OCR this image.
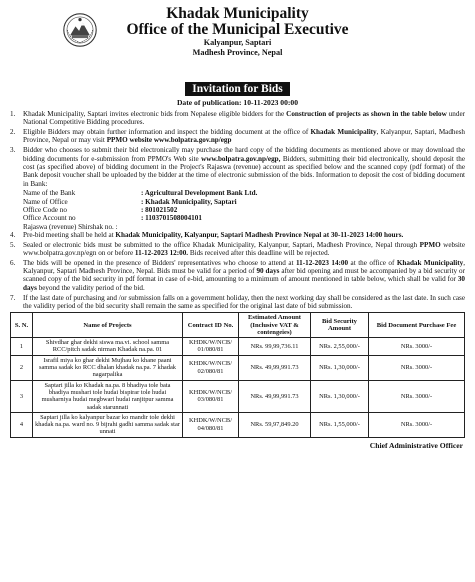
Khadak Municipality
Office of the Municipal Executive
Kalyanpur, Saptari
Madhesh Province, Nepal
Invitation for Bids
Date of publication: 10-11-2023 00:00
1.	Khadak Municipality, Saptari invites electronic bids from Nepalese eligible bidders for the Construction of projects as shown in the table below under National Competitive Bidding procedures.
2.	Eligible Bidders may obtain further information and inspect the bidding document at the office of Khadak Municipality, Kalyanpur, Saptari, Madhesh Province, Nepal or may visit PPMO website www.bolpatra.gov.np/egp
3.	Bidder who chooses to submit their bid electronically may purchase the hard copy of the bidding documents as mentioned above or may download the bidding documents for e-submission from PPMO's Web site www.bolpatra.gov.np/egp, Bidders, submitting their bid electronically, should deposit the cost (as specified above) of bidding document in the Project's Rajaswa (revenue) account as specified below and the scanned copy (pdf format) of the Bank deposit voucher shall be uploaded by the bidder at the time of electronic submission of the bids. Information to deposit the cost of bidding document in Bank:
Name of the Bank	: Agricultural Development Bank Ltd.
Name of Office	: Khadak Municipality, Saptari
Office Code no	: 801021502
Office Account no	: 1103701508004101
Rajaswa (revenue) Shirshak no. :
4.	Pre-bid meeting shall be held at Khadak Municipality, Kalyanpur, Saptari Madhesh Province Nepal at 30-11-2023 14:00 hours.
5.	Sealed or electronic bids must be submitted to the office Khadak Municipality, Kalyanpur, Saptari, Madhesh Province, Nepal through PPMO website www.bolpatra.gov.np/egn on or before 11-12-2023 12:00. Bids received after this deadline will be rejected.
6.	The bids will be opened in the presence of Bidders' representatives who choose to attend at 11-12-2023 14:00 at the office of Khadak Municipality, Kalyanpur, Saptari Madhesh Province, Nepal. Bids must be valid for a period of 90 days after bid opening and must be accompanied by a bid security or scanned copy of the bid security in pdf format in case of e-bid, amounting to a minimum of amount mentioned in table below, which shall be valid for 30 days beyond the validity period of the bid.
7.	If the last date of purchasing and /or submission falls on a government holiday, then the next working day shall be considered as the last date. In such case the validity period of the bid security shall remain the same as specified for the original last date of bid submission.
S. N.	Name of Projects	Contract ID No.	Estimated Amount (Inclusive VAT & contengeies)	Bid Security Amount	Bid Document Purchase Fee
1	Shivdhar ghar dekhi siswa ma.vi. school samma RCC/pitch sadak nirman Khadak na.pa. 01	KHDK/W/NCB/ 01/080/81	NRs. 99,99,736.11	NRs. 2,55,000/-	NRs. 3000/-
2	Israfil miya ko ghar dekhi Mujhau ko khane paani samma sadak ko RCC dhalan khadak na.pa. 7 khadak nagarpalika	KHDK/W/NCB/ 02/080/81	NRs. 49,99,991.73	NRs. 1,30,000/-	NRs. 3000/-
3	Saptari jilla ko Khadak na.pa. 8 bhadiya tole bata bhadiya mushari tole hudai bispirar tole hudai musharniya hudai megbwari hudai ranjitpur samma sadak starunnati	KHDK/W/NCB/ 03/080/81	NRs. 49,99,991.73	NRs. 1,30,000/-	NRs. 3000/-
4	Saptari jilla ko kalyanpur bazar ko mandir tole dekhi khadak na.pa. ward no. 9 bijrahi gadhi samma sadak star unnati	KHDK/W/NCB/ 04/080/81	NRs. 59,97,849.20	NRs. 1,55,000/-	NRs. 3000/-
Chief Administrative Officer
